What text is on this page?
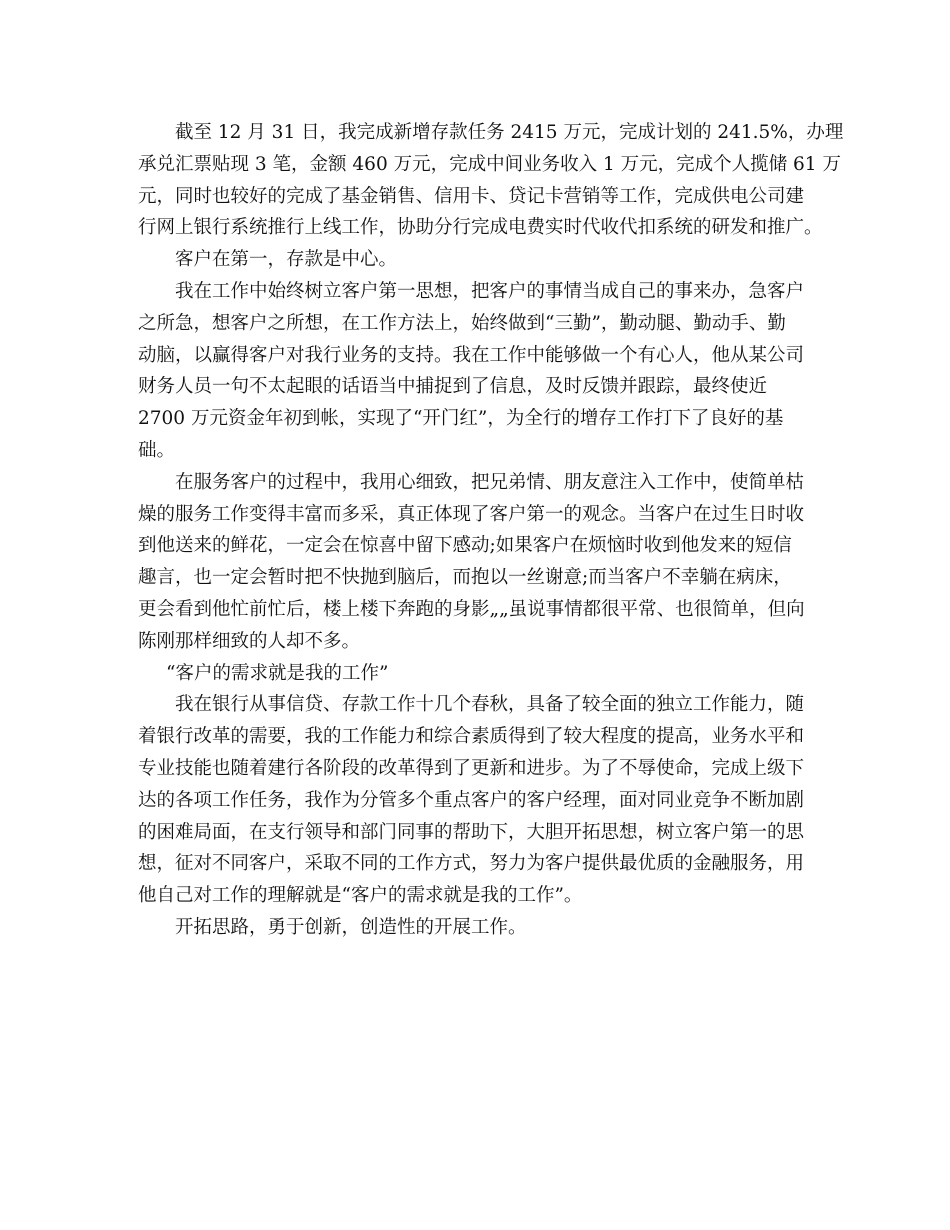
截至 12 月 31 日，我完成新增存款任务 2415 万元，完成计划的 241.5%，办理
承兑汇票贴现 3 笔，金额 460 万元，完成中间业务收入 1 万元，完成个人揽储 61 万
元，同时也较好的完成了基金销售、信用卡、贷记卡营销等工作，完成供电公司建
行网上银行系统推行上线工作，协助分行完成电费实时代收代扣系统的研发和推广。
客户在第一，存款是中心。
我在工作中始终树立客户第一思想，把客户的事情当成自己的事来办，急客户
之所急，想客户之所想，在工作方法上，始终做到“三勤”，勤动腿、勤动手、勤
动脑，以赢得客户对我行业务的支持。我在工作中能够做一个有心人，他从某公司
财务人员一句不太起眼的话语当中捕捉到了信息，及时反馈并跟踪，最终使近
2700 万元资金年初到帐，实现了“开门红”，为全行的增存工作打下了良好的基
础。
在服务客户的过程中，我用心细致，把兄弟情、朋友意注入工作中，使简单枯
燥的服务工作变得丰富而多采，真正体现了客户第一的观念。当客户在过生日时收
到他送来的鲜花，一定会在惊喜中留下感动;如果客户在烦恼时收到他发来的短信
趣言，也一定会暂时把不快抛到脑后，而抱以一丝谢意;而当客户不幸躺在病床，
更会看到他忙前忙后，楼上楼下奔跑的身影„„虽说事情都很平常、也很简单，但向
陈刚那样细致的人却不多。
“客户的需求就是我的工作”
我在银行从事信贷、存款工作十几个春秋，具备了较全面的独立工作能力，随
着银行改革的需要，我的工作能力和综合素质得到了较大程度的提高，业务水平和
专业技能也随着建行各阶段的改革得到了更新和进步。为了不辱使命，完成上级下
达的各项工作任务，我作为分管多个重点客户的客户经理，面对同业竞争不断加剧
的困难局面，在支行领导和部门同事的帮助下，大胆开拓思想，树立客户第一的思
想，征对不同客户，采取不同的工作方式，努力为客户提供最优质的金融服务，用
他自己对工作的理解就是“客户的需求就是我的工作”。
开拓思路，勇于创新，创造性的开展工作。
